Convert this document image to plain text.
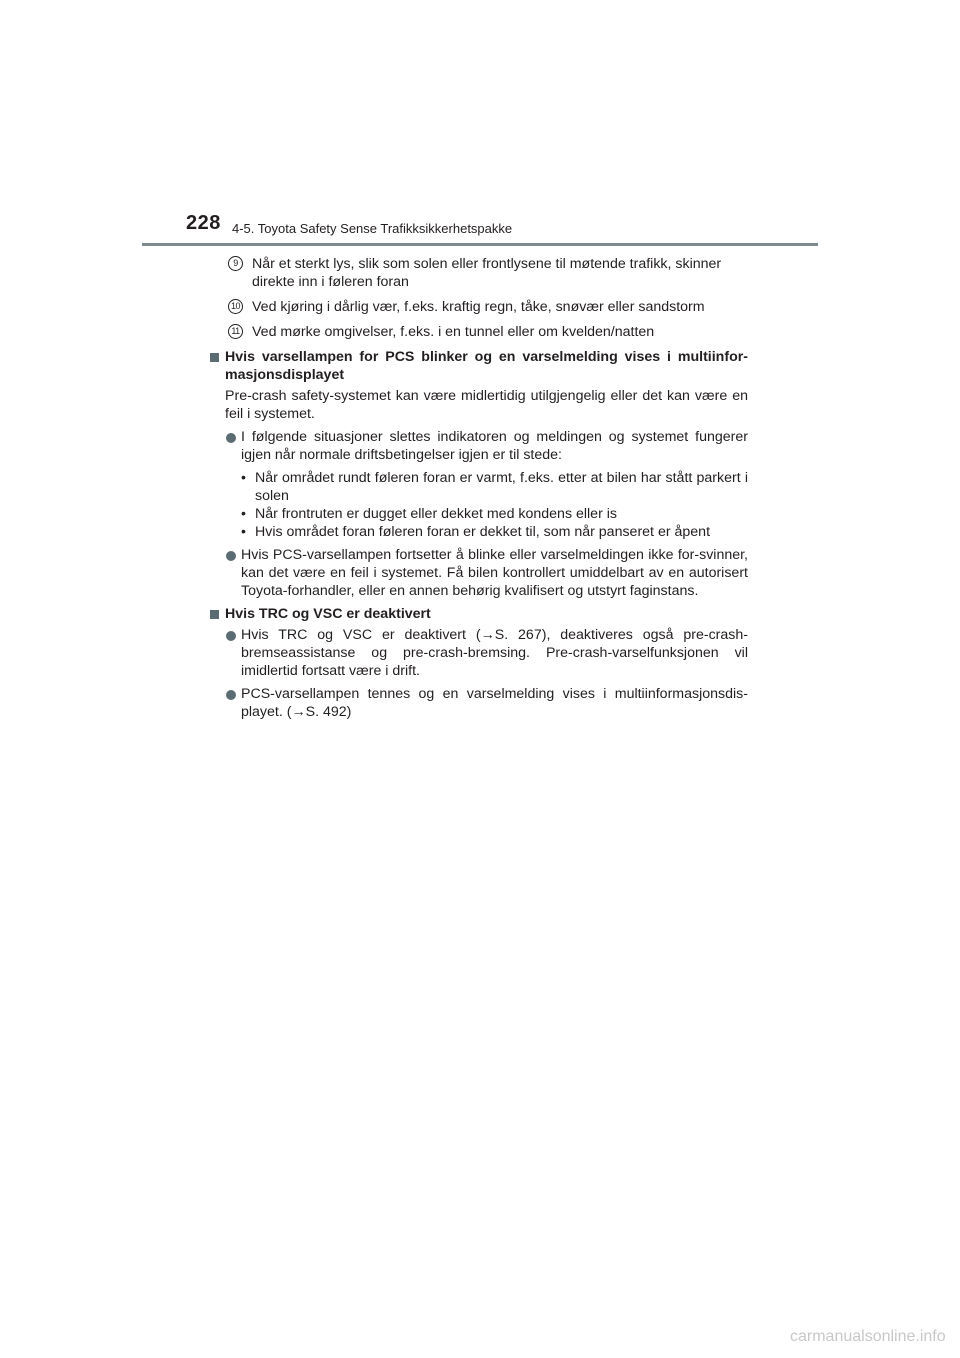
228 4-5. Toyota Safety Sense Trafikksikkerhetspakke
9	Når et sterkt lys, slik som solen eller frontlysene til møtende trafikk, skinner direkte inn i føleren foran
10 Ved kjøring i dårlig vær, f.eks. kraftig regn, tåke, snøvær eller sandstorm
11 Ved mørke omgivelser, f.eks. i en tunnel eller om kvelden/natten
Hvis varsellampen for PCS blinker og en varselmelding vises i multiinfor-masjonsdisplayet
Pre-crash safety-systemet kan være midlertidig utilgjengelig eller det kan være en feil i systemet.
I følgende situasjoner slettes indikatoren og meldingen og systemet fungerer igjen når normale driftsbetingelser igjen er til stede:
• Når området rundt føleren foran er varmt, f.eks. etter at bilen har stått parkert i solen
• Når frontruten er dugget eller dekket med kondens eller is
• Hvis området foran føleren foran er dekket til, som når panseret er åpent
Hvis PCS-varsellampen fortsetter å blinke eller varselmeldingen ikke for-svinner, kan det være en feil i systemet. Få bilen kontrollert umiddelbart av en autorisert Toyota-forhandler, eller en annen behørig kvalifisert og utstyrt faginstans.
Hvis TRC og VSC er deaktivert
Hvis TRC og VSC er deaktivert (→S. 267), deaktiveres også pre-crash-bremseassistanse og pre-crash-bremsing. Pre-crash-varselfunksjonen vil imidlertid fortsatt være i drift.
PCS-varsellampen tennes og en varselmelding vises i multiinformasjonsdis-playet. (→S. 492)
carmanualsonline.info
